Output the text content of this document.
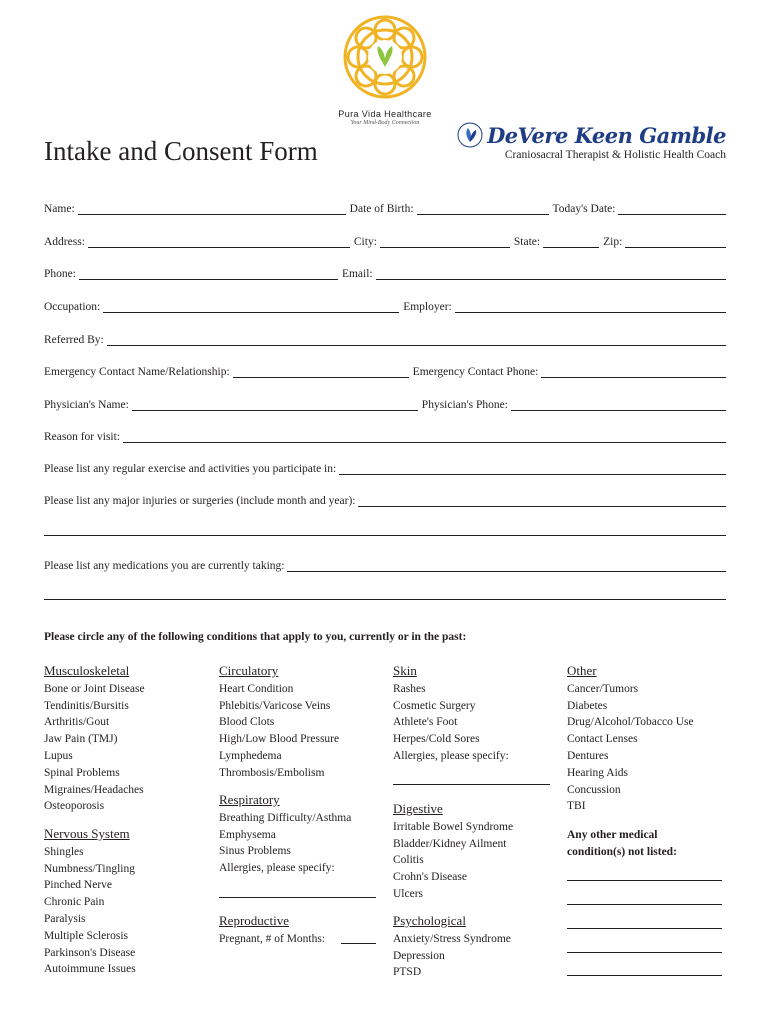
Pura Vida Healthcare
Your Mind-Body Connection
Intake and Consent Form
DeVere Keen Gamble
Craniosacral Therapist & Holistic Health Coach
Name:	Date of Birth:	Today's Date:
Address:	City:	State:	Zip:
Phone:	Email:
Occupation:	Employer:
Referred By:
Emergency Contact Name/Relationship:	Emergency Contact Phone:
Physician's Name:	Physician's Phone:
Reason for visit:
Please list any regular exercise and activities you participate in:
Please list any major injuries or surgeries (include month and year):
Please list any medications you are currently taking:
Please circle any of the following conditions that apply to you, currently or in the past:
Musculoskeletal
Bone or Joint Disease
Tendinitis/Bursitis
Arthritis/Gout
Jaw Pain (TMJ)
Lupus
Spinal Problems
Migraines/Headaches
Osteoporosis
Nervous System
Shingles
Numbness/Tingling
Pinched Nerve
Chronic Pain
Paralysis
Multiple Sclerosis
Parkinson's Disease
Autoimmune Issues
Circulatory
Heart Condition
Phlebitis/Varicose Veins
Blood Clots
High/Low Blood Pressure
Lymphedema
Thrombosis/Embolism
Respiratory
Breathing Difficulty/Asthma
Emphysema
Sinus Problems
Allergies, please specify:
Reproductive
Pregnant, # of Months:
Skin
Rashes
Cosmetic Surgery
Athlete's Foot
Herpes/Cold Sores
Allergies, please specify:
Digestive
Irritable Bowel Syndrome
Bladder/Kidney Ailment
Colitis
Crohn's Disease
Ulcers
Psychological
Anxiety/Stress Syndrome
Depression
PTSD
Other
Cancer/Tumors
Diabetes
Drug/Alcohol/Tobacco Use
Contact Lenses
Dentures
Hearing Aids
Concussion
TBI
Any other medical
condition(s) not listed:
